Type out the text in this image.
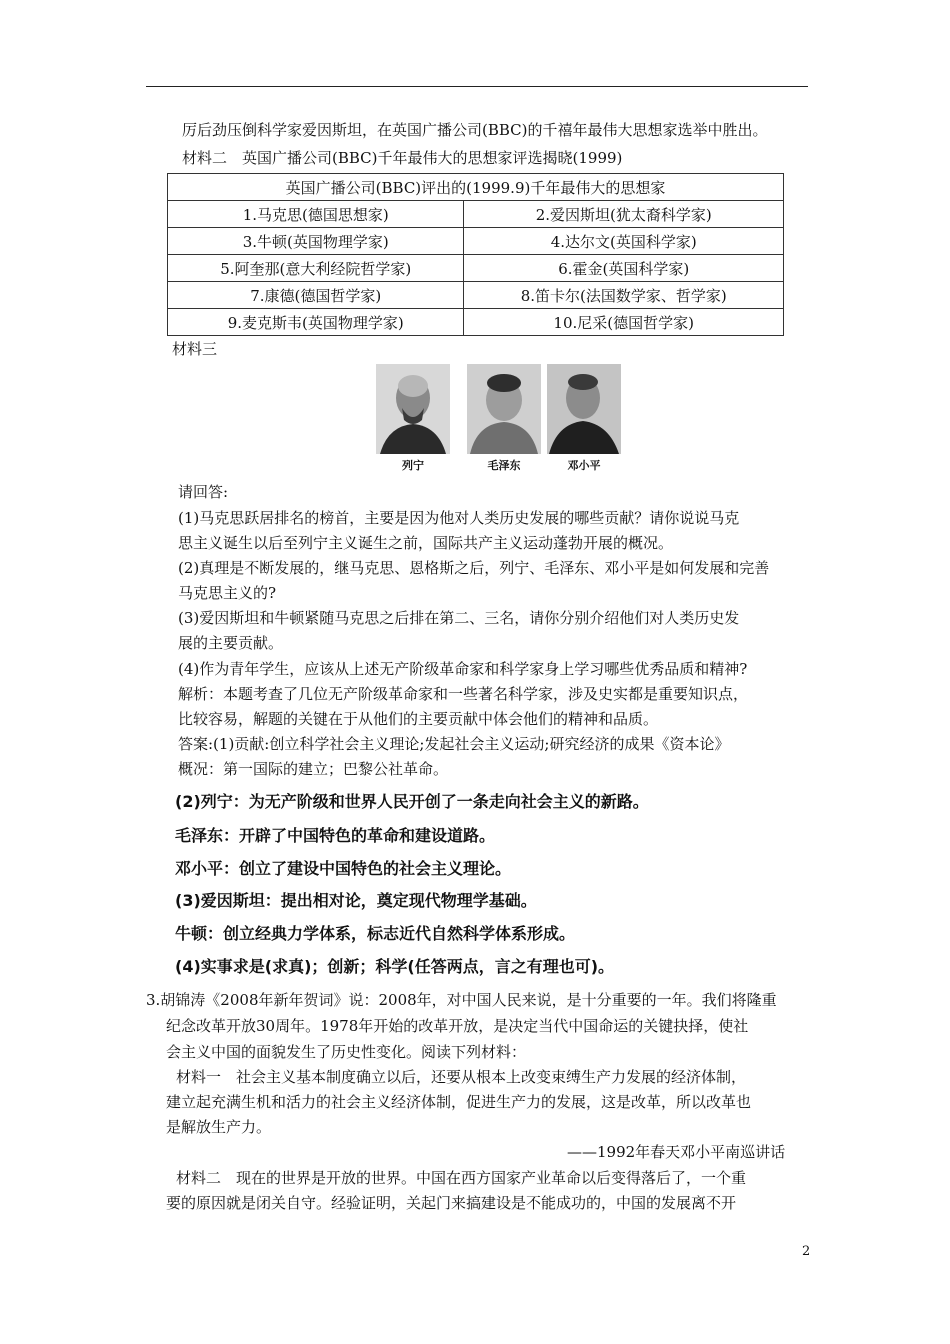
厉后劲压倒科学家爱因斯坦，在英国广播公司(BBC)的千禧年最伟大思想家选举中胜出。
材料二　英国广播公司(BBC)千年最伟大的思想家评选揭晓(1999)
英国广播公司(BBC)评出的(1999.9)千年最伟大的思想家	
1.马克思(德国思想家)	2.爱因斯坦(犹太裔科学家)
3.牛顿(英国物理学家)	4.达尔文(英国科学家)
5.阿奎那(意大利经院哲学家)	6.霍金(英国科学家)
7.康德(德国哲学家)	8.笛卡尔(法国数学家、哲学家)
9.麦克斯韦(英国物理学家)	10.尼采(德国哲学家)
材料三
列宁	毛泽东	邓小平
请回答:
(1)马克思跃居排名的榜首，主要是因为他对人类历史发展的哪些贡献？请你说说马克
思主义诞生以后至列宁主义诞生之前，国际共产主义运动蓬勃开展的概况。
(2)真理是不断发展的，继马克思、恩格斯之后，列宁、毛泽东、邓小平是如何发展和完善
马克思主义的?
(3)爱因斯坦和牛顿紧随马克思之后排在第二、三名，请你分别介绍他们对人类历史发
展的主要贡献。
(4)作为青年学生，应该从上述无产阶级革命家和科学家身上学习哪些优秀品质和精神?
解析：本题考查了几位无产阶级革命家和一些著名科学家，涉及史实都是重要知识点，
比较容易，解题的关键在于从他们的主要贡献中体会他们的精神和品质。
答案:(1)贡献:创立科学社会主义理论;发起社会主义运动;研究经济的成果《资本论》
概况：第一国际的建立；巴黎公社革命。
(2)列宁：为无产阶级和世界人民开创了一条走向社会主义的新路。
毛泽东：开辟了中国特色的革命和建设道路。
邓小平：创立了建设中国特色的社会主义理论。
(3)爱因斯坦：提出相对论，奠定现代物理学基础。
牛顿：创立经典力学体系，标志近代自然科学体系形成。
(4)实事求是(求真)；创新；科学(任答两点，言之有理也可)。
3.胡锦涛《2008年新年贺词》说：2008年，对中国人民来说，是十分重要的一年。我们将隆重
纪念改革开放30周年。1978年开始的改革开放，是决定当代中国命运的关键抉择，使社
会主义中国的面貌发生了历史性变化。阅读下列材料：
材料一　社会主义基本制度确立以后，还要从根本上改变束缚生产力发展的经济体制，
建立起充满生机和活力的社会主义经济体制，促进生产力的发展，这是改革，所以改革也
是解放生产力。
——1992年春天邓小平南巡讲话
材料二　现在的世界是开放的世界。中国在西方国家产业革命以后变得落后了，一个重
要的原因就是闭关自守。经验证明，关起门来搞建设是不能成功的，中国的发展离不开
2
